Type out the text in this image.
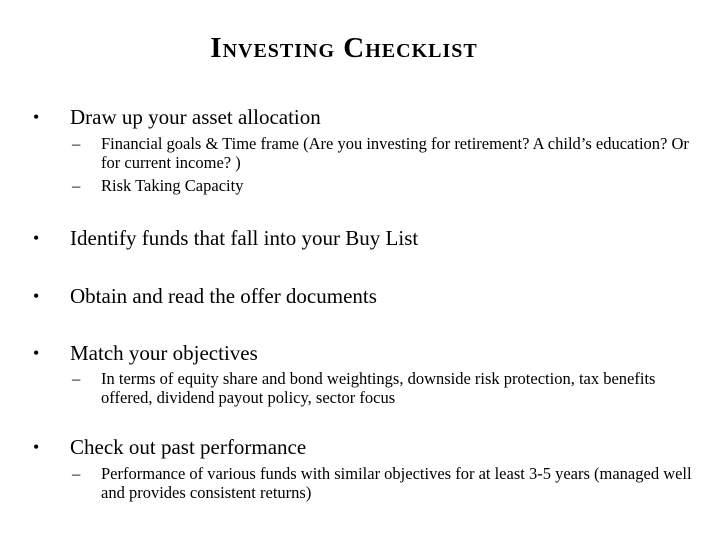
Investing Checklist
• Draw up your asset allocation
– Financial goals & Time frame (Are you investing for retirement? A child’s education? Or for current income? )
– Risk Taking Capacity
• Identify funds that fall into your Buy List
• Obtain and read the offer documents
• Match your objectives
– In terms of equity share and bond weightings, downside risk protection, tax benefits offered, dividend payout policy, sector focus
• Check out past performance
– Performance of various funds with similar objectives for at least 3-5 years (managed well and provides consistent returns)
